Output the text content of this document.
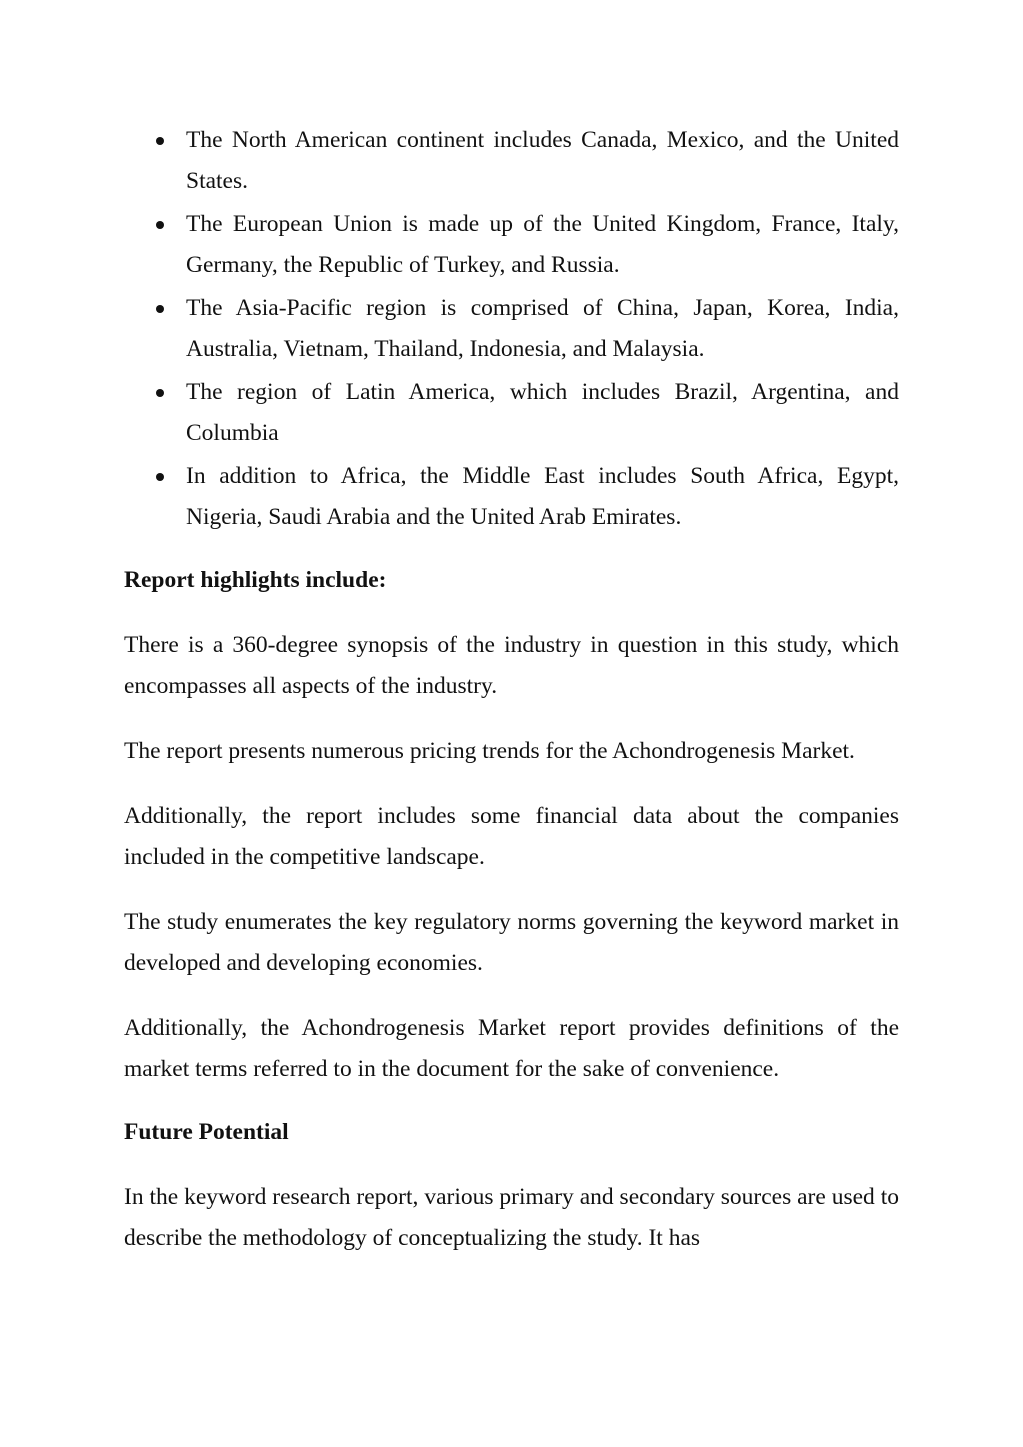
The North American continent includes Canada, Mexico, and the United States.
The European Union is made up of the United Kingdom, France, Italy, Germany, the Republic of Turkey, and Russia.
The Asia-Pacific region is comprised of China, Japan, Korea, India, Australia, Vietnam, Thailand, Indonesia, and Malaysia.
The region of Latin America, which includes Brazil, Argentina, and Columbia
In addition to Africa, the Middle East includes South Africa, Egypt, Nigeria, Saudi Arabia and the United Arab Emirates.

Report highlights include:

There is a 360-degree synopsis of the industry in question in this study, which encompasses all aspects of the industry.

The report presents numerous pricing trends for the Achondrogenesis Market.

Additionally, the report includes some financial data about the companies included in the competitive landscape.

The study enumerates the key regulatory norms governing the keyword market in developed and developing economies.

Additionally, the Achondrogenesis Market report provides definitions of the market terms referred to in the document for the sake of convenience.

Future Potential

In the keyword research report, various primary and secondary sources are used to describe the methodology of conceptualizing the study. It has
